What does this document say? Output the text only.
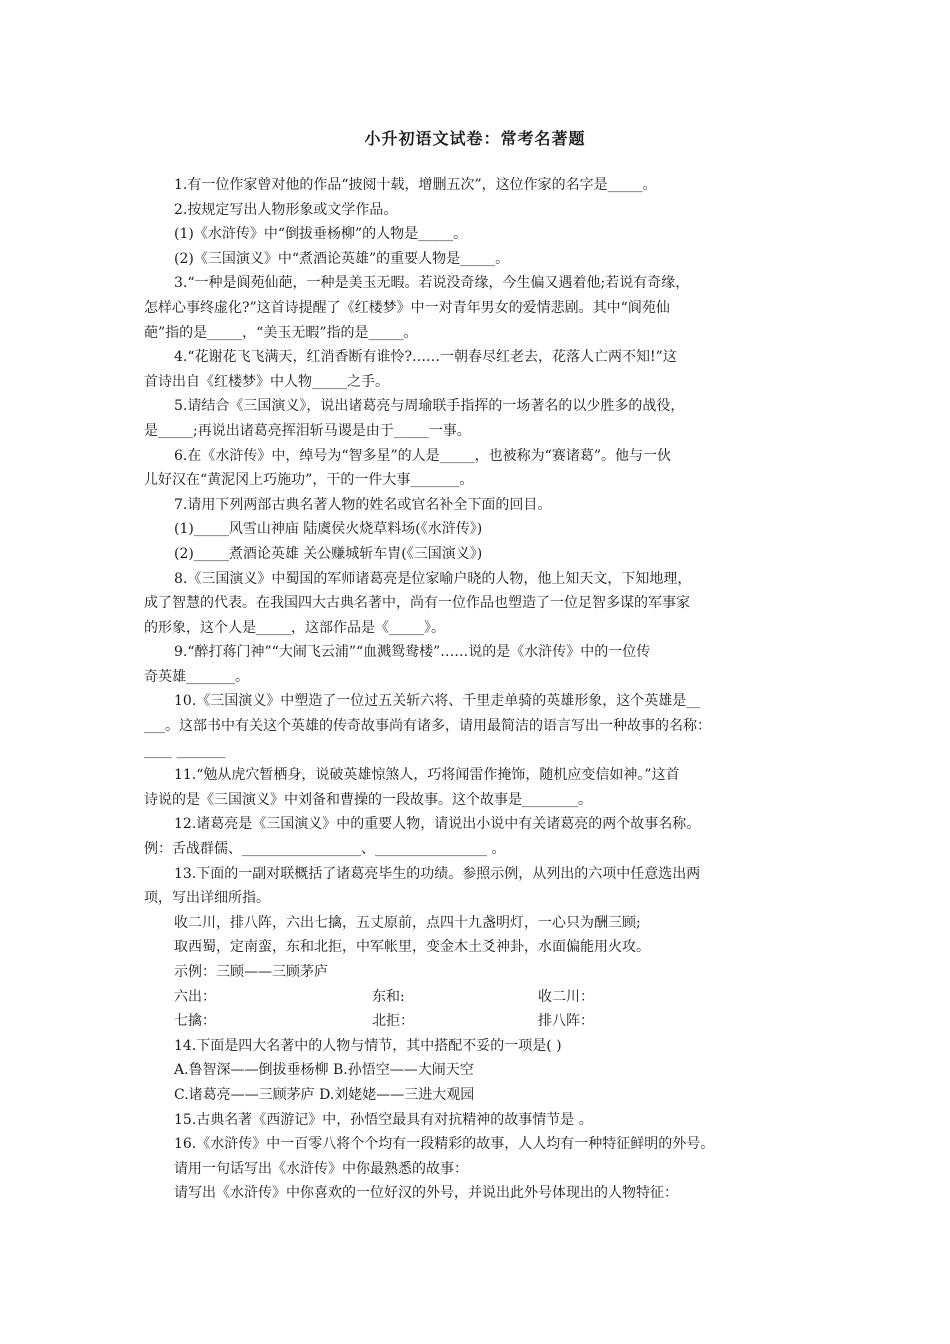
小升初语文试卷：常考名著题
1.有一位作家曾对他的作品“披阅十载，增删五次”，这位作家的名字是_____。
2.按规定写出人物形象或文学作品。
(1)《水浒传》中“倒拔垂杨柳”的人物是_____。
(2)《三国演义》中“煮酒论英雄”的重要人物是_____。
3.“一种是阆苑仙葩，一种是美玉无暇。若说没奇缘，今生偏又遇着他;若说有奇缘，
怎样心事终虚化?”这首诗提醒了《红楼梦》中一对青年男女的爱情悲剧。其中“阆苑仙
葩”指的是_____，“美玉无暇”指的是_____。
4.“花谢花飞飞满天，红消香断有谁怜?……一朝春尽红老去，花落人亡两不知!”这
首诗出自《红楼梦》中人物_____之手。
5.请结合《三国演义》，说出诸葛亮与周瑜联手指挥的一场著名的以少胜多的战役，
是_____;再说出诸葛亮挥泪斩马谡是由于_____一事。
6.在《水浒传》中，绰号为“智多星”的人是_____，也被称为“赛诸葛”。他与一伙
儿好汉在“黄泥冈上巧施功”，干的一件大事_______。
7.请用下列两部古典名著人物的姓名或官名补全下面的回目。
(1)_____风雪山神庙 陆虞侯火烧草料场(《水浒传》)
(2)_____煮酒论英雄 关公赚城斩车胄(《三国演义》)
8.《三国演义》中蜀国的军师诸葛亮是位家喻户晓的人物，他上知天文，下知地理，
成了智慧的代表。在我国四大古典名著中，尚有一位作品也塑造了一位足智多谋的军事家
的形象，这个人是_____，这部作品是《_____》。
9.“醉打蒋门神”“大闹飞云浦”“血溅鸳鸯楼”……说的是《水浒传》中的一位传
奇英雄_______。
10.《三国演义》中塑造了一位过五关斩六将、千里走单骑的英雄形象，这个英雄是__
___。这部书中有关这个英雄的传奇故事尚有诸多，请用最简洁的语言写出一种故事的名称：
____ _______
11.“勉从虎穴暂栖身，说破英雄惊煞人，巧将闻雷作掩饰，随机应变信如神。”这首
诗说的是《三国演义》中刘备和曹操的一段故事。这个故事是________。
12.诸葛亮是《三国演义》中的重要人物，请说出小说中有关诸葛亮的两个故事名称。
例：舌战群儒、_________________、________________ 。
13.下面的一副对联概括了诸葛亮毕生的功绩。参照示例，从列出的六项中任意选出两
项，写出详细所指。
收二川，排八阵，六出七擒，五丈原前，点四十九盏明灯，一心只为酬三顾;
取西蜀，定南蛮，东和北拒，中军帐里，变金木土爻神卦，水面偏能用火攻。
示例：三顾——三顾茅庐
六出：	东和:	收二川：
七擒：	北拒：	排八阵：
14.下面是四大名著中的人物与情节，其中搭配不妥的一项是( )
A.鲁智深——倒拔垂杨柳 B.孙悟空——大闹天空
C.诸葛亮——三顾茅庐 D.刘姥姥——三进大观园
15.古典名著《西游记》中，孙悟空最具有对抗精神的故事情节是 。
16.《水浒传》中一百零八将个个均有一段精彩的故事，人人均有一种特征鲜明的外号。
请用一句话写出《水浒传》中你最熟悉的故事：
请写出《水浒传》中你喜欢的一位好汉的外号，并说出此外号体现出的人物特征：
